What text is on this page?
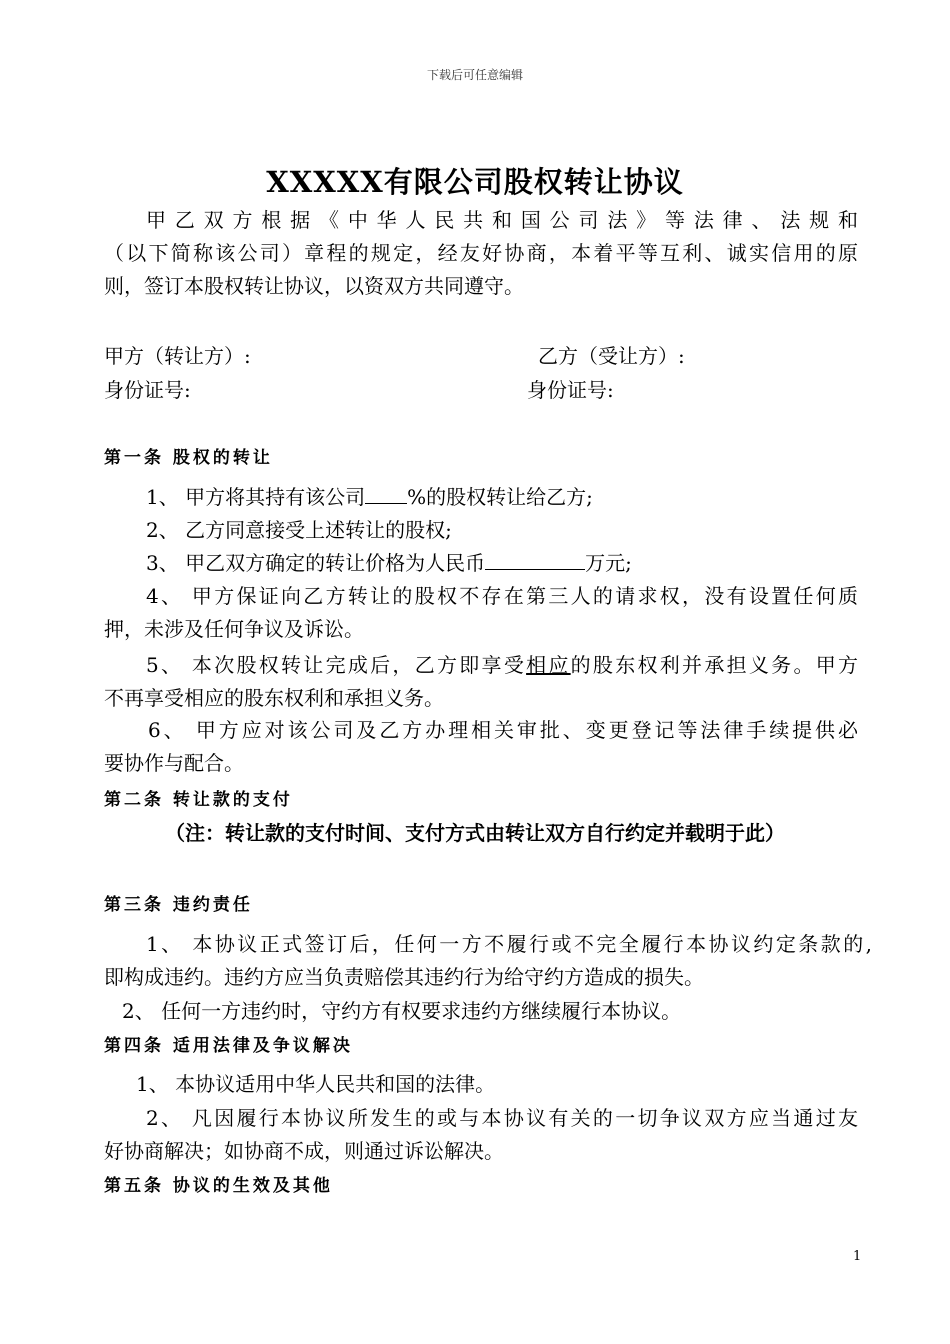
下载后可任意编辑
XXXXX有限公司股权转让协议
甲乙双方根据《中华人民共和国公司法》等法律、法规和
（以下简称该公司）章程的规定，经友好协商，本着平等互利、诚实信用的原
则，签订本股权转让协议，以资双方共同遵守。
甲方（转让方）:	乙方（受让方）:
身份证号:	身份证号:
第一条 股权的转让
1、 甲方将其持有该公司 %的股权转让给乙方;
2、 乙方同意接受上述转让的股权;
3、 甲乙双方确定的转让价格为人民币	万元;
4、 甲方保证向乙方转让的股权不存在第三人的请求权，没有设置任何质
押，未涉及任何争议及诉讼。
5、 本次股权转让完成后，乙方即享受相应的股东权利并承担义务。甲方
不再享受相应的股东权利和承担义务。
6、 甲方应对该公司及乙方办理相关审批、变更登记等法律手续提供必
要协作与配合。
第二条 转让款的支付
（注：转让款的支付时间、支付方式由转让双方自行约定并载明于此）
第三条 违约责任
1、 本协议正式签订后，任何一方不履行或不完全履行本协议约定条款的,
即构成违约。违约方应当负责赔偿其违约行为给守约方造成的损失。
2、 任何一方违约时，守约方有权要求违约方继续履行本协议。
第四条 适用法律及争议解决
1、 本协议适用中华人民共和国的法律。
2、 凡因履行本协议所发生的或与本协议有关的一切争议双方应当通过友
好协商解决；如协商不成，则通过诉讼解决。
第五条 协议的生效及其他
1
